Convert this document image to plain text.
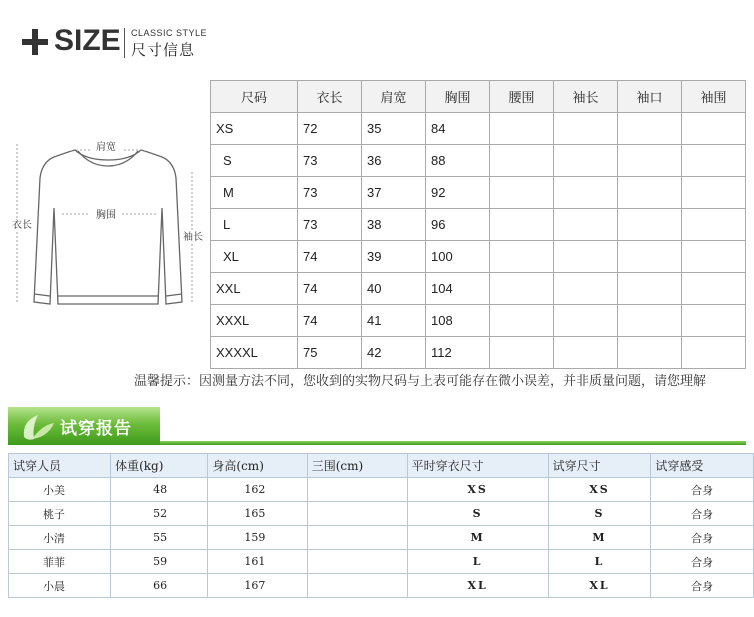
SIZE CLASSIC STYLE
尺寸信息
肩宽
胸围
衣长
袖长
尺码	衣长	肩宽	胸围	腰围	袖长	袖口	袖围
XS	72	35	84				
S	73	36	88				
M	73	37	92				
L	73	38	96				
XL	74	39	100				
XXL	74	40	104				
XXXL	74	41	108				
XXXXL	75	42	112				
温馨提示：因测量方法不同，您收到的实物尺码与上表可能存在微小误差，并非质量问题，请您理解
试穿报告
试穿人员	体重(kg)	身高(cm)	三围(cm)	平时穿衣尺寸	试穿尺寸	试穿感受
小美	48	162		XS	XS	合身
桃子	52	165		S	S	合身
小清	55	159		M	M	合身
菲菲	59	161		L	L	合身
小晨	66	167		XL	XL	合身
